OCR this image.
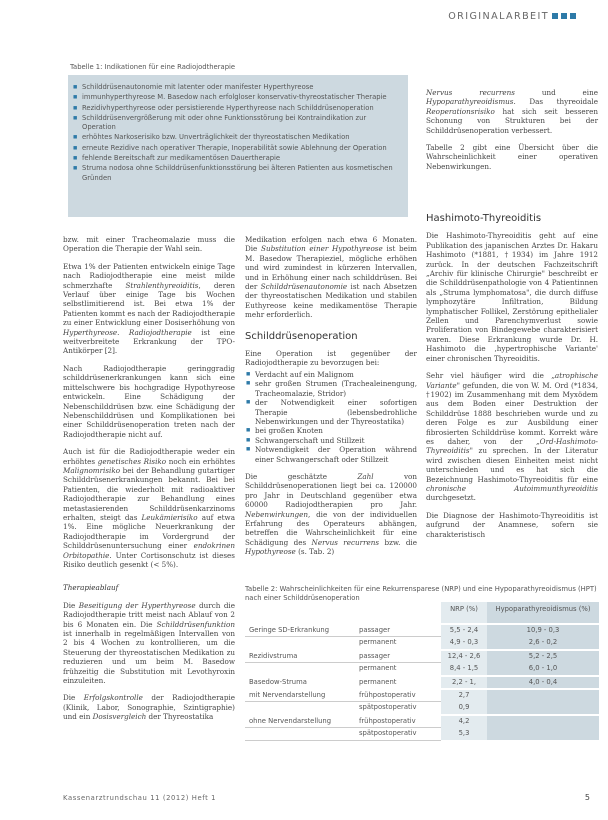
ORIGINALARBEIT
Tabelle 1: Indikationen für eine Radiojodtherapie
■ Schilddrüsenautonomie mit latenter oder manifester Hyperthyreose
■ immunhyperthyreose M. Basedow nach erfolgloser konservativ-thyreostatischer Therapie
■ Rezidivhyperthyreose oder persistierende Hyperthyreose nach Schilddrüsenoperation
■ Schilddrüsenvergrößerung mit oder ohne Funktionsstörung bei Kontraindikation zur Operation
■ erhöhtes Narkoserisiko bzw. Unverträglichkeit der thyreostatischen Medikation
■ erneute Rezidive nach operativer Therapie, Inoperabilität sowie Ablehnung der Operation
■ fehlende Bereitschaft zur medikamentösen Dauertherapie
■ Struma nodosa ohne Schilddrüsenfunktionsstörung bei älteren Patienten aus kosmetischen Gründen

Nervus recurrens und eine Hypoparathyreoidismus. Das thyreoidale Reoperationsrisiko hat sich seit besseren Schonung von Strukturen bei der Schilddrüsenoperation verbessert.

Tabelle 2 gibt eine Übersicht über die Wahrscheinlichkeit einer operativen Nebenwirkungen.

bzw. mit einer Tracheomalazie muss die Operation die Therapie der Wahl sein.

Etwa 1% der Patienten entwickeln einige Tage nach Radiojodtherapie eine meist milde schmerzhafte Strahlenthyreoiditis, deren Verlauf über einige Tage bis Wochen selbstlimitierend ist. Bei etwa 1% der Patienten kommt es nach der Radiojodtherapie zu einer Entwicklung einer Dosiserhöhung von Hyperthyreose. Radiojodtherapie ist eine weitverbreitete Erkrankung der TPO-Antikörper [2].

Nach Radiojodtherapie geringgradig schilddrüsenerkrankungen kann sich eine mittelschwere bis hochgradige Hypothyreose entwickeln. Eine Schädigung der Nebenschilddrüsen bzw. eine Schädigung der Nebenschilddrüsen und Komplikationen bei einer Schilddrüsenoperation treten nach der Radiojodtherapie nicht auf.

Auch ist für die Radiojodtherapie weder ein erhöhtes genetisches Risiko noch ein erhöhtes Malignomrisiko bei der Behandlung gutartiger Schilddrüsenerkrankungen bekannt. Bei bei Patienten, die wiederholt mit radioaktiver Radiojodtherapie zur Behandlung eines metastasierenden Schilddrüsenkarzinoms erhalten, steigt das Leukämierisiko auf etwa 1%. Eine mögliche Neuerkrankung der Radiojodtherapie im Vordergrund der Schilddrüsenuntersuchung einer endokrinen Orbitopathie. Unter Cortisonschutz ist dieses Risiko deutlich gesenkt (< 5%).

Therapieablauf

Die Beseitigung der Hyperthyreose durch die Radiojodtherapie tritt meist nach Ablauf von 2 bis 6 Monaten ein. Die Schilddrüsenfunktion ist innerhalb in regelmäßigen Intervallen von 2 bis 4 Wochen zu kontrollieren, um die Steuerung der thyreostatischen Medikation zu reduzieren und um beim M. Basedow frühzeitig die Substitution mit Levothyroxin einzuleiten.

Die Erfolgskontrolle der Radiojodtherapie (Klinik, Labor, Sonographie, Szintigraphie) und ein Dosisvergleich der Thyreostatika

Medikation erfolgen nach etwa 6 Monaten. Die Substitution einer Hypothyreose ist beim M. Basedow Therapieziel, mögliche erhöhen und wird zumindest in kürzeren Intervallen, und in Erhöhung einer nach schilddrüsen. Bei der Schilddrüsenautonomie ist nach Absetzen der thyreostatischen Medikation und stabilen Euthyreose keine medikamentöse Therapie mehr erforderlich.

Schilddrüsenoperation

Eine Operation ist gegenüber der Radiojodtherapie zu bevorzugen bei:

■ Verdacht auf ein Malignom
■ sehr großen Strumen (Trachealeinengung, Tracheomalazie, Stridor)
■ der Notwendigkeit einer sofortigen Therapie (lebensbedrohliche Nebenwirkungen und der Thyreostatika)
■ bei großen Knoten
■ Schwangerschaft und Stillzeit
■ Notwendigkeit der Operation während einer Schwangerschaft oder Stillzeit

Die geschätzte Zahl von Schilddrüsenoperationen liegt bei ca. 120000 pro Jahr in Deutschland gegenüber etwa 60000 Radiojodtherapien pro Jahr. Nebenwirkungen, die von der individuellen Erfahrung des Operateurs abhängen, betreffen die Wahrscheinlichkeit für eine Schädigung des Nervus recurrens bzw. die Hypothyreose (s. Tab. 2)

Hashimoto-Thyreoiditis

Die Hashimoto-Thyreoiditis geht auf eine Publikation des japanischen Arztes Dr. Hakaru Hashimoto (*1881, †1934) im Jahre 1912 zurück. In der deutschen Fachzeitschrift „Archiv für klinische Chirurgie" beschreibt er die Schilddrüsenpathologie von 4 Patientinnen als „Struma lymphomatosa", die durch diffuse lymphozytäre Infiltration, Bildung lymphatischer Follikel, Zerstörung epithelialer Zellen und Parenchymverlust sowie Proliferation von Bindegewebe charakterisiert waren. Diese Erkrankung wurde Dr. H. Hashimoto die ‚hypertrophische Variante' einer chronischen Thyreoiditis.

Sehr viel häufiger wird die „atrophische Variante" gefunden, die von W. M. Ord (*1834, †1902) im Zusammenhang mit dem Myxödem aus dem Boden einer Destruktion der Schilddrüse 1888 beschrieben wurde und zu deren Folge es zur Ausbildung einer fibrosierten Schilddrüse kommt. Korrekt wäre es daher, von der „Ord-Hashimoto-Thyreoiditis" zu sprechen. In der Literatur wird zwischen diesen Einheiten meist nicht unterschieden und es hat sich die Bezeichnung Hashimoto-Thyreoiditis für eine chronische Autoimmunthyreoiditis durchgesetzt.

Die Diagnose der Hashimoto-Thyreoiditis ist aufgrund der Anamnese, sofern sie charakteristisch

Tabelle 2: Wahrscheinlichkeiten für eine Rekurrensparese (NRP) und eine Hypoparathyreoidismus (HPT) nach einer Schilddrüsenoperation
		NRP (%)	Hypoparathyreoidismus (%)
Geringe SD-Erkrankung	passager	5,5 - 2,4	10,9 - 0,3
	permanent	4,9 - 0,3	2,6 - 0,2
Rezidivstruma	passager	12,4 - 2,6	5,2 - 2,5
	permanent	8,4 - 1,5	6,0 - 1,0
Basedow-Struma	permanent	2,2 - 1,	4,0 - 0,4
mit Nervendarstellung	frühpostoperativ	2,7	
	spätpostoperativ	0,9	
ohne Nervendarstellung	frühpostoperativ	4,2	
	spätpostoperativ	5,3	
Kassenarztrundschau 11 (2012) Heft 1	5
